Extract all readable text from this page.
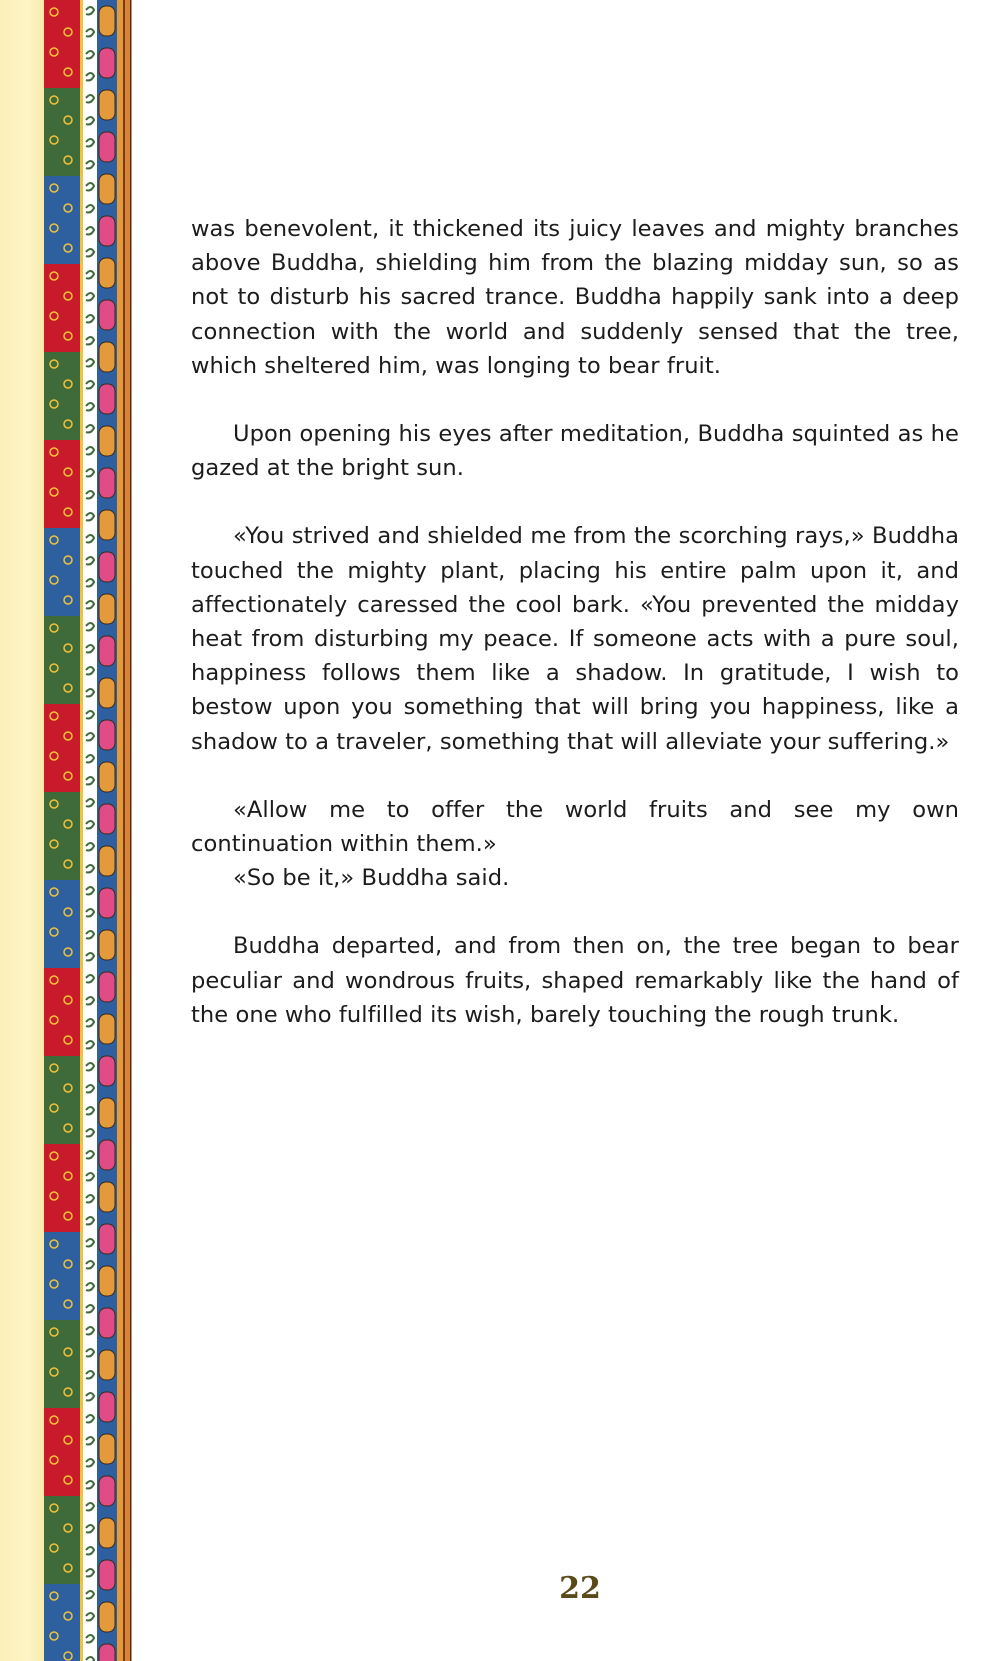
was benevolent, it thickened its juicy leaves and mighty branches above Buddha, shielding him from the blazing midday sun, so as not to disturb his sacred trance. Buddha happily sank into a deep connection with the world and suddenly sensed that the tree, which sheltered him, was longing to bear fruit.

Upon opening his eyes after meditation, Buddha squinted as he gazed at the bright sun.

«You strived and shielded me from the scorching rays,» Buddha touched the mighty plant, placing his entire palm upon it, and affectionately caressed the cool bark. «You prevented the midday heat from disturbing my peace. If someone acts with a pure soul, happiness follows them like a shadow. In gratitude, I wish to bestow upon you something that will bring you happiness, like a shadow to a traveler, something that will alleviate your suffering.»

«Allow me to offer the world fruits and see my own continuation within them.»

«So be it,» Buddha said.

Buddha departed, and from then on, the tree began to bear peculiar and wondrous fruits, shaped remarkably like the hand of the one who fulfilled its wish, barely touching the rough trunk.

22
